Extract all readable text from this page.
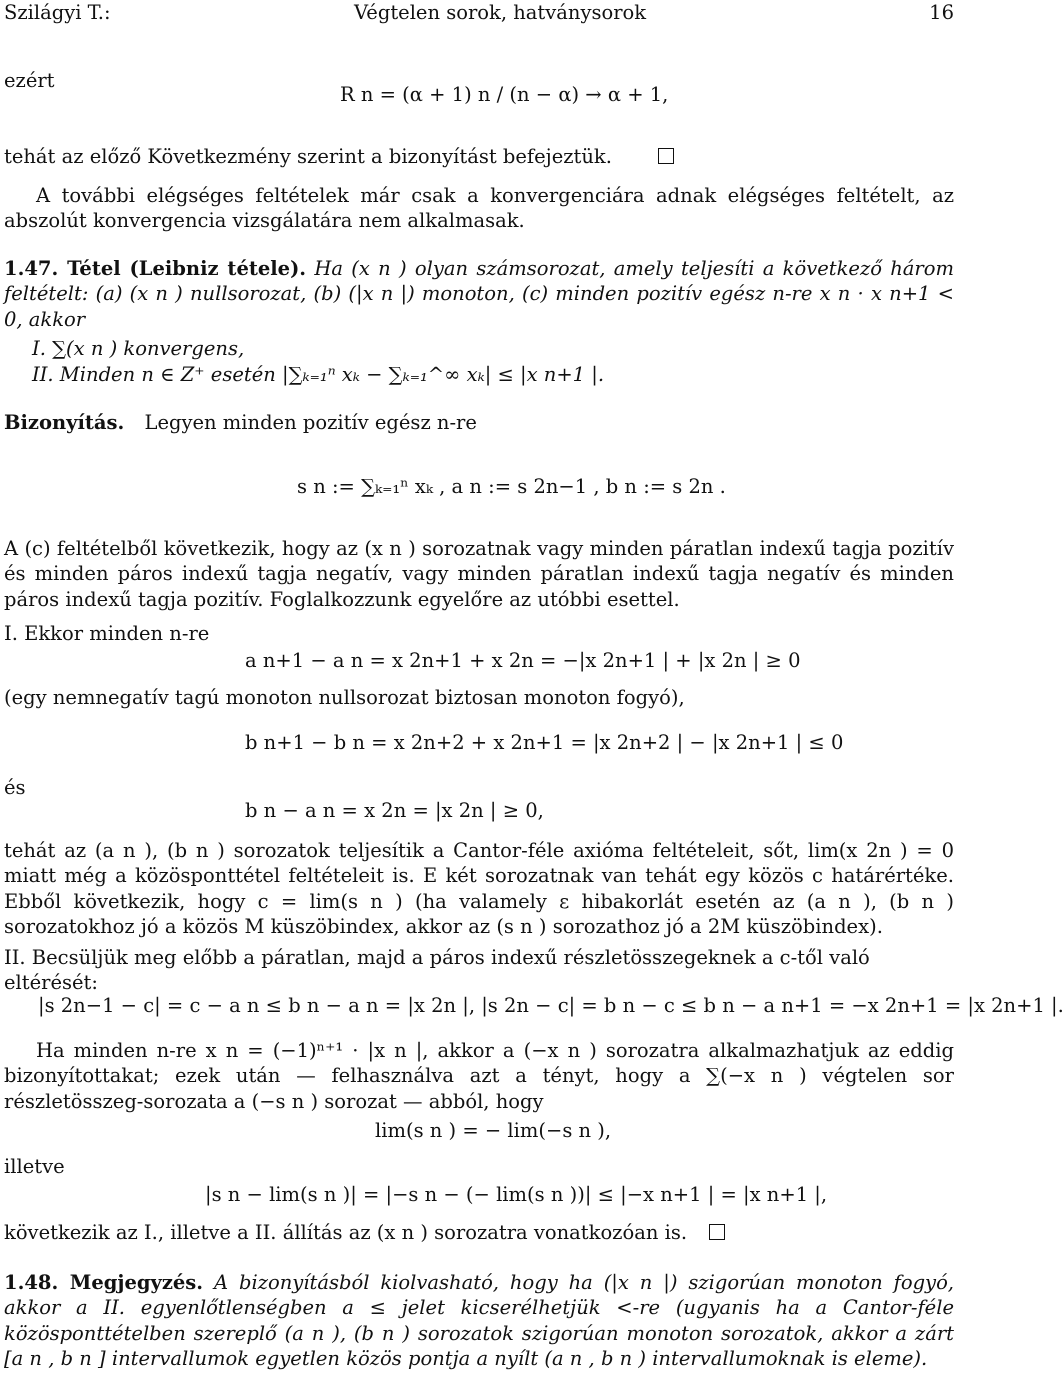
Szilágyi T.:	Végtelen sorok, hatványsorok	16
ezért
R n = (α + 1) n / (n − α) → α + 1,
tehát az előző Következmény szerint a bizonyítást befejeztük.
A további elégséges feltételek már csak a konvergenciára adnak elégséges feltételt, az abszolút konvergencia vizsgálatára nem alkalmasak.
1.47. Tétel (Leibniz tétele). Ha (x n ) olyan számsorozat, amely teljesíti a következő három feltételt: (a) (x n ) nullsorozat, (b) (|x n |) monoton, (c) minden pozitív egész n-re x n · x n+1 < 0, akkor
I. ∑(x n ) konvergens,
II. Minden n ∈ Z⁺ esetén |∑ₖ₌₁ⁿ xₖ − ∑ₖ₌₁^∞ xₖ| ≤ |x n+1 |.
Bizonyítás. Legyen minden pozitív egész n-re
s n := ∑ₖ₌₁ⁿ xₖ , a n := s 2n−1 , b n := s 2n .
A (c) feltételből következik, hogy az (x n ) sorozatnak vagy minden páratlan indexű tagja pozitív és minden páros indexű tagja negatív, vagy minden páratlan indexű tagja negatív és minden páros indexű tagja pozitív. Foglalkozzunk egyelőre az utóbbi esettel.
I. Ekkor minden n-re
a n+1 − a n = x 2n+1 + x 2n = −|x 2n+1 | + |x 2n | ≥ 0
(egy nemnegatív tagú monoton nullsorozat biztosan monoton fogyó),
b n+1 − b n = x 2n+2 + x 2n+1 = |x 2n+2 | − |x 2n+1 | ≤ 0
és
b n − a n = x 2n = |x 2n | ≥ 0,
tehát az (a n ), (b n ) sorozatok teljesítik a Cantor-féle axióma feltételeit, sőt, lim(x 2n ) = 0 miatt még a közösponttétel feltételeit is. E két sorozatnak van tehát egy közös c határértéke. Ebből következik, hogy c = lim(s n ) (ha valamely ε hibakorlát esetén az (a n ), (b n ) sorozatokhoz jó a közös M küszöbindex, akkor az (s n ) sorozathoz jó a 2M küszöbindex).
II. Becsüljük meg előbb a páratlan, majd a páros indexű részletösszegeknek a c-től való eltérését:
|s 2n−1 − c| = c − a n ≤ b n − a n = |x 2n |, |s 2n − c| = b n − c ≤ b n − a n+1 = −x 2n+1 = |x 2n+1 |.
Ha minden n-re x n = (−1)ⁿ⁺¹ · |x n |, akkor a (−x n ) sorozatra alkalmazhatjuk az eddig bizonyítottakat; ezek után — felhasználva azt a tényt, hogy a ∑(−x n ) végtelen sor részletösszeg-sorozata a (−s n ) sorozat — abból, hogy
lim(s n ) = − lim(−s n ),
illetve
|s n − lim(s n )| = |−s n − (− lim(s n ))| ≤ |−x n+1 | = |x n+1 |,
következik az I., illetve a II. állítás az (x n ) sorozatra vonatkozóan is.
1.48. Megjegyzés. A bizonyításból kiolvasható, hogy ha (|x n |) szigorúan monoton fogyó, akkor a II. egyenlőtlenségben a ≤ jelet kicserélhetjük <-re (ugyanis ha a Cantor-féle közösponttételben szereplő (a n ), (b n ) sorozatok szigorúan monoton sorozatok, akkor a zárt [a n , b n ] intervallumok egyetlen közös pontja a nyílt (a n , b n ) intervallumoknak is eleme).
